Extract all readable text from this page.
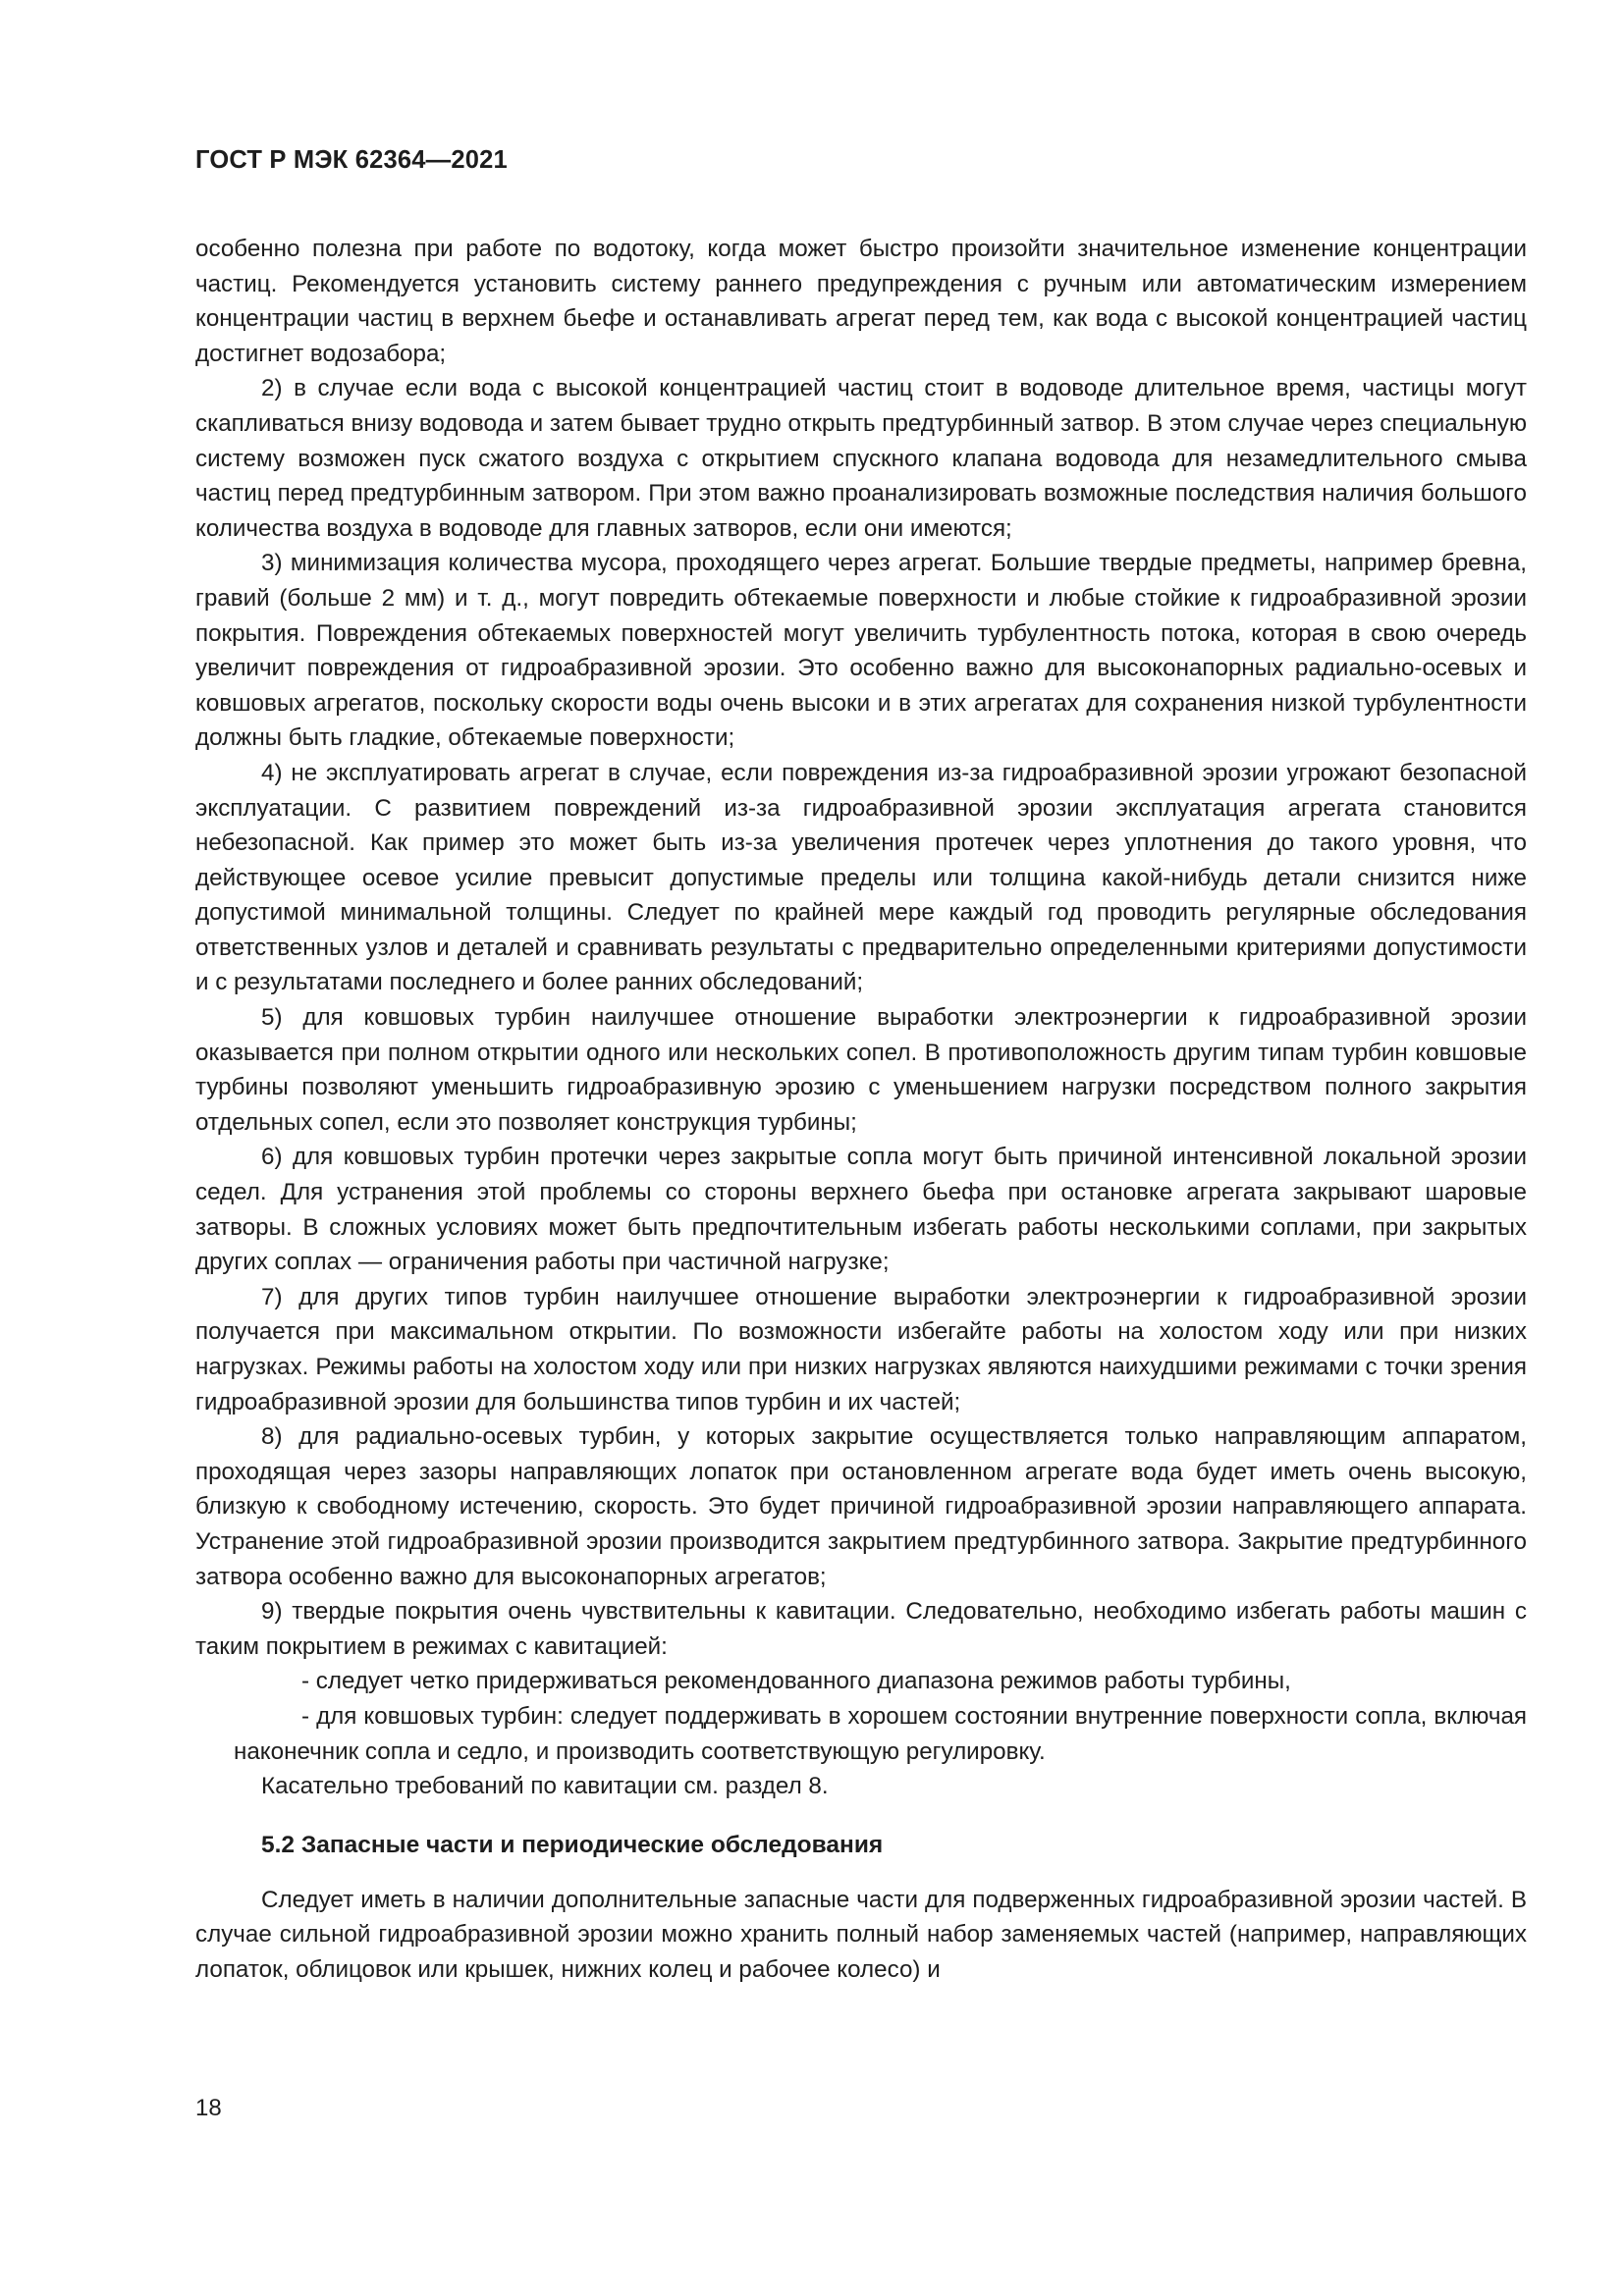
ГОСТ Р МЭК 62364—2021

особенно полезна при работе по водотоку, когда может быстро произойти значительное изменение концентрации частиц. Рекомендуется установить систему раннего предупреждения с ручным или автоматическим измерением концентрации частиц в верхнем бьефе и останавливать агрегат перед тем, как вода с высокой концентрацией частиц достигнет водозабора;

2) в случае если вода с высокой концентрацией частиц стоит в водоводе длительное время, частицы могут скапливаться внизу водовода и затем бывает трудно открыть предтурбинный затвор. В этом случае через специальную систему возможен пуск сжатого воздуха с открытием спускного клапана водовода для незамедлительного смыва частиц перед предтурбинным затвором. При этом важно проанализировать возможные последствия наличия большого количества воздуха в водоводе для главных затворов, если они имеются;

3) минимизация количества мусора, проходящего через агрегат. Большие твердые предметы, например бревна, гравий (больше 2 мм) и т. д., могут повредить обтекаемые поверхности и любые стойкие к гидроабразивной эрозии покрытия. Повреждения обтекаемых поверхностей могут увеличить турбулентность потока, которая в свою очередь увеличит повреждения от гидроабразивной эрозии. Это особенно важно для высоконапорных радиально-осевых и ковшовых агрегатов, поскольку скорости воды очень высоки и в этих агрегатах для сохранения низкой турбулентности должны быть гладкие, обтекаемые поверхности;

4) не эксплуатировать агрегат в случае, если повреждения из-за гидроабразивной эрозии угрожают безопасной эксплуатации. С развитием повреждений из-за гидроабразивной эрозии эксплуатация агрегата становится небезопасной. Как пример это может быть из-за увеличения протечек через уплотнения до такого уровня, что действующее осевое усилие превысит допустимые пределы или толщина какой-нибудь детали снизится ниже допустимой минимальной толщины. Следует по крайней мере каждый год проводить регулярные обследования ответственных узлов и деталей и сравнивать результаты с предварительно определенными критериями допустимости и с результатами последнего и более ранних обследований;

5) для ковшовых турбин наилучшее отношение выработки электроэнергии к гидроабразивной эрозии оказывается при полном открытии одного или нескольких сопел. В противоположность другим типам турбин ковшовые турбины позволяют уменьшить гидроабразивную эрозию с уменьшением нагрузки посредством полного закрытия отдельных сопел, если это позволяет конструкция турбины;

6) для ковшовых турбин протечки через закрытые сопла могут быть причиной интенсивной локальной эрозии седел. Для устранения этой проблемы со стороны верхнего бьефа при остановке агрегата закрывают шаровые затворы. В сложных условиях может быть предпочтительным избегать работы несколькими соплами, при закрытых других соплах — ограничения работы при частичной нагрузке;

7) для других типов турбин наилучшее отношение выработки электроэнергии к гидроабразивной эрозии получается при максимальном открытии. По возможности избегайте работы на холостом ходу или при низких нагрузках. Режимы работы на холостом ходу или при низких нагрузках являются наихудшими режимами с точки зрения гидроабразивной эрозии для большинства типов турбин и их частей;

8) для радиально-осевых турбин, у которых закрытие осуществляется только направляющим аппаратом, проходящая через зазоры направляющих лопаток при остановленном агрегате вода будет иметь очень высокую, близкую к свободному истечению, скорость. Это будет причиной гидроабразивной эрозии направляющего аппарата. Устранение этой гидроабразивной эрозии производится закрытием предтурбинного затвора. Закрытие предтурбинного затвора особенно важно для высоконапорных агрегатов;

9) твердые покрытия очень чувствительны к кавитации. Следовательно, необходимо избегать работы машин с таким покрытием в режимах с кавитацией:

- следует четко придерживаться рекомендованного диапазона режимов работы турбины,

- для ковшовых турбин: следует поддерживать в хорошем состоянии внутренние поверхности сопла, включая наконечник сопла и седло, и производить соответствующую регулировку.

Касательно требований по кавитации см. раздел 8.

5.2 Запасные части и периодические обследования

Следует иметь в наличии дополнительные запасные части для подверженных гидроабразивной эрозии частей. В случае сильной гидроабразивной эрозии можно хранить полный набор заменяемых частей (например, направляющих лопаток, облицовок или крышек, нижних колец и рабочее колесо) и

18
